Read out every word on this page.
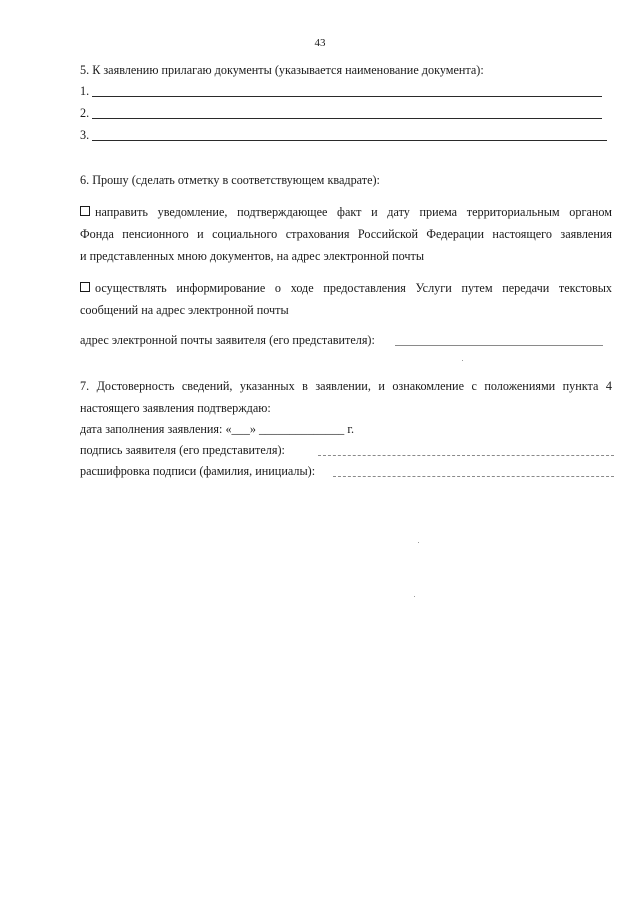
43
5. К заявлению прилагаю документы (указывается наименование документа):
1.
2.
3.
6. Прошу (сделать отметку в соответствующем квадрате):
направить уведомление, подтверждающее факт и дату приема территориальным органом
Фонда пенсионного и социального страхования Российской Федерации настоящего заявления
и представленных мною документов, на адрес электронной почты
осуществлять информирование о ходе предоставления Услуги путем передачи текстовых
сообщений на адрес электронной почты
адрес электронной почты заявителя (его представителя):
7. Достоверность сведений, указанных в заявлении, и ознакомление с положениями пункта 4
настоящего заявления подтверждаю:
дата заполнения заявления: «___» ______________ г.
подпись заявителя (его представителя):
расшифровка подписи (фамилия, инициалы):
